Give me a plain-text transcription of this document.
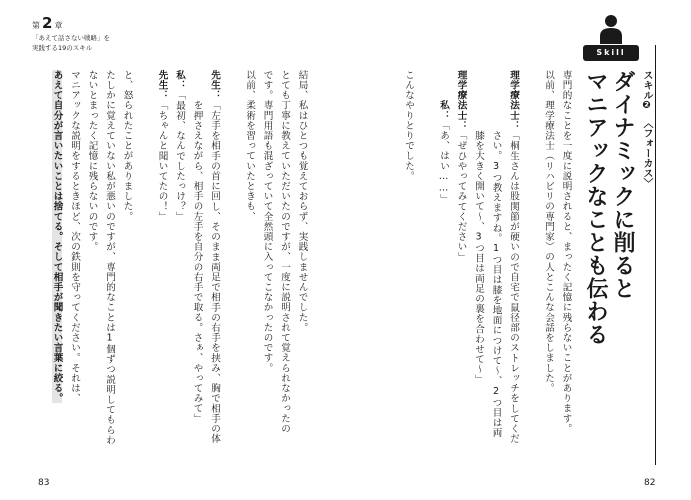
第 2 章
「あえて話さない戦略」を
実践する19のスキル
結局、私はひとつも覚えておらず、実践しませんでした。
とても丁寧に教えていただいたのですが、一度に説明されて覚えられなかったの
です。専門用語も混ざっていて全然頭に入ってこなかったのです。
以前、柔術を習っていたときも、
先生：「左手を相手の首に回し、そのまま両足で相手の右手を挟み、胸で相手の体
　　　を押さえながら、相手の左手を自分の右手で取る。さぁ、やってみて」
私：「最初、なんでしたっけ？」
先生：「ちゃんと聞いてたの！」
と、怒られたことがありました。
たしかに覚えていない私が悪いのですが、専門的なことは1個ずつ説明してもらわ
ないとまったく記憶に残らないのです。
マニアックな説明をするときほど、次の鉄則を守ってください。それは、
あえて自分が言いたいことは捨てる。そして相手が聞きたい言葉に絞る。
Skill
スキル❷
〈フォーカス〉
ダイナミックに削ると
マニアックなことも伝わる
専門的なことを一度に説明されると、まったく記憶に残らないことがあります。
以前、理学療法士（リハビリの専門家）の人とこんな会話をしました。
理学療法士：「桐生さんは股関節が硬いので自宅で鼠径部のストレッチをしてくだ
　　　　　　さい。3つ教えますね。1つ目は膝を地面につけて〜、2つ目は両
　　　　　　膝を大きく開いて〜、3つ目は両足の裏を合わせて〜」
理学療法士：「ぜひやってみてください」
　　　私：「あ、はい……」
こんなやりとりでした。
83	82
